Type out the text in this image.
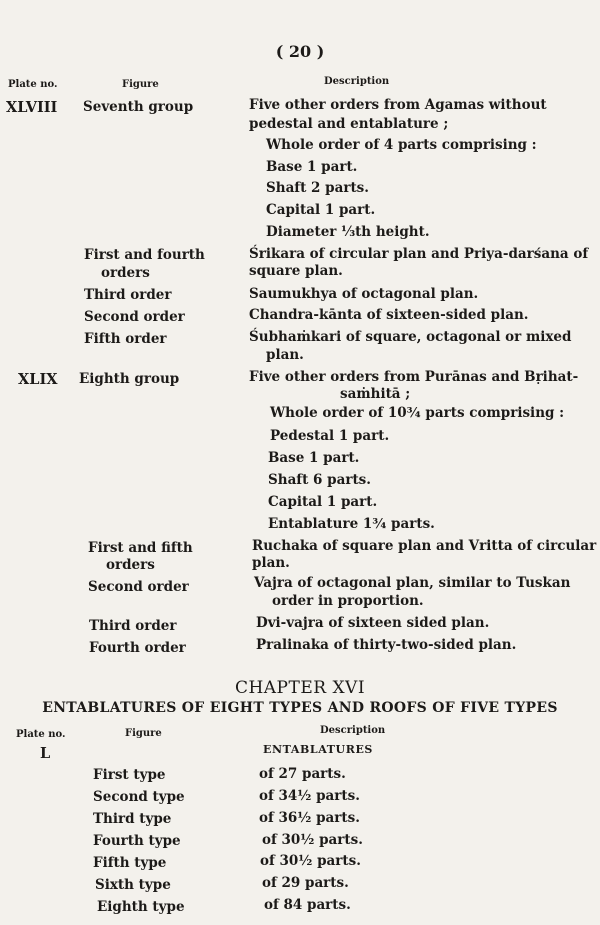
( 20 )
Plate no.	Figure	Description
XLVIII Seventh group	Five other orders from Agamas without
pedestal and entablature ;
Whole order of 4 parts comprising :
Base 1 part.
Shaft 2 parts.
Capital 1 part.
Diameter ⅓th height.
First and fourth	Śrikara of circular plan and Priya-darśana of
orders	square plan.
Third order	Saumukhya of octagonal plan.
Second order	Chandra-kānta of sixteen-sided plan.
Fifth order	Śubhaṁkari of square, octagonal or mixed
plan.
XLIX Eighth group	Five other orders from Purānas and Bṛihat-
saṁhitā ;
Whole order of 10¾ parts comprising :
Pedestal 1 part.
Base 1 part.
Shaft 6 parts.
Capital 1 part.
Entablature 1¾ parts.
First and fifth	Ruchaka of square plan and Vritta of circular
orders	plan.
Second order	Vajra of octagonal plan, similar to Tuskan
order in proportion.
Third order	Dvi-vajra of sixteen sided plan.
Fourth order	Pralinaka of thirty-two-sided plan.
CHAPTER XVI
ENTABLATURES OF EIGHT TYPES AND ROOFS OF FIVE TYPES
Plate no.	Figure	Description
L	ENTABLATURES
First type	of 27 parts.
Second type	of 34½ parts.
Third type	of 36½ parts.
Fourth type	of 30½ parts.
Fifth type	of 30½ parts.
Sixth type	of 29 parts.
Eighth type	of 84 parts.
